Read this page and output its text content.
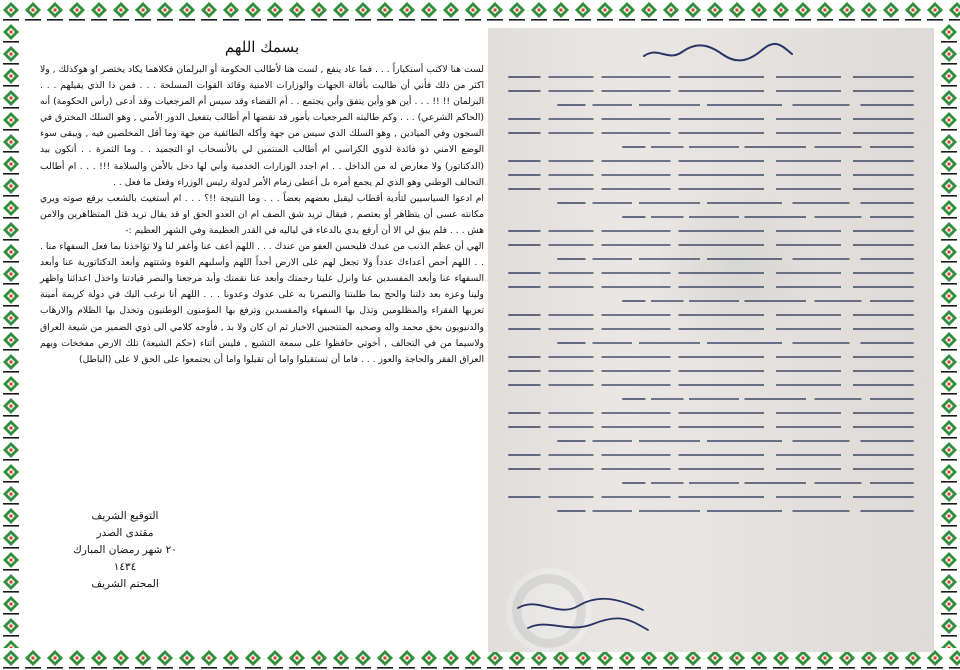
بسمك اللهم

لست هنا لاكتب أستكباراً . . . فما عاد ينفع , لست هنا لأطالب الحكومة أو البرلمان فكلاهما يكاد يختصر او هوكذلك , ولا اكثر من ذلك فأني أن طالبت بأقالة الجهات والوزارات الامنية وقائد القوات المسلحة . . . فمن ذا الذي يقيلهم . . . البرلمان !! !! . . . أين هو وأين يتفق وأين يجتمع . . أم القضاء وقد سيس أم المرجعيات وقد أدعى (رأس الحكومة) أنه (الحاكم الشرعي) . . . وكم طالبته المرجعيات بأمور قد نقضها أم أطالب بتفعيل الدور الأمني , وهو السلك المخترق في السجون وفي الميادين , وهو السلك الذي سيس من جهة وأكله الطائفية من جهة وما أقل المخلصين فيه , ويبقى سوء الوضع الامني ذو فائدة لذوي الكراسي ام أطالب المنتمين لي بالأنسحاب او التجميد . . وما الثمرة . . أتكون بيد (الدكتاتور) ولا معارض له من الداخل . . ام اجدد الوزارات الخدمية وأني لها دخل بالأمن والسلامة !!! . . . ام أطالب التحالف الوطني وهو الذي لم يجمع أمره بل أعطى زمام الأمر لدولة رئيس الوزراء وفعل ما فعل . .

ام ادعوا السياسيين لتأدية أقطاب ليقبل بعضهم بعضاً . . . وما النتيجة !!؟ . . . ام أستغيث بالشعب برفع صوته ويري مكانته عسى أن يتظاهر أو يعتصم , فيقال تريد شق الصف ام ان العدو الحق او قد يقال تريد قتل المتظاهرين والامن هش . . . فلم يبق لي الا أن أرفع يدي بالدعاء في لياليه في القدر العظيمة وفي الشهر العظيم :-

الهي أن عظم الذنب من عبدك فليحسن العفو من عندك . . . اللهم أعف عنا وأغفر لنا ولا تؤاخذنا بما فعل السفهاء منا . . . اللهم أحص أعداءك عدداً ولا تجعل لهم على الارض أحداً اللهم وأسلبهم القوة وشتتهم وأبعد الدكتاتورية عنا وأبعد السفهاء عنا وأبعد المفسدين عنا وانزل علينا رحمتك وأبعد عنا نقمتك وأبد مرجعنا والنصر قيادتنا واخذل اعدائنا واظهر ولينا وعزه بعد ذلتنا والحج بما طلبتنا والنصرنا به على عدوك وعدونا . . . اللهم أنا نرغب اليك في دولة كريمة أمينة تعزبها الفقراء والمظلومين وتذل بها السفهاء والمفسدين وترفع بها المؤمنون الوطنيون وتخذل بها الظلام والارهاب والدنيويون بحق محمد واله وصحبه المنتجبين الاخيار ثم ان كان ولا بد , فأوجه كلامي الى ذوي الضمير من شيعة العراق ولاسيما من في التحالف , أخوتي حافظوا على سمعة التشيع , فليس أثناء (حكم الشيعة) تلك الارض مفخخات وبهم العراق الفقر والحاجة والعوز . . . فاما أن تستقيلوا واما أن تقيلوا واما أن يجتمعوا على الحق لا على (الباطل)

التوقيع الشريف
مقتدى الصدر
٢٠ شهر رمضان المبارك
١٤٣٤
المحتم الشريف
